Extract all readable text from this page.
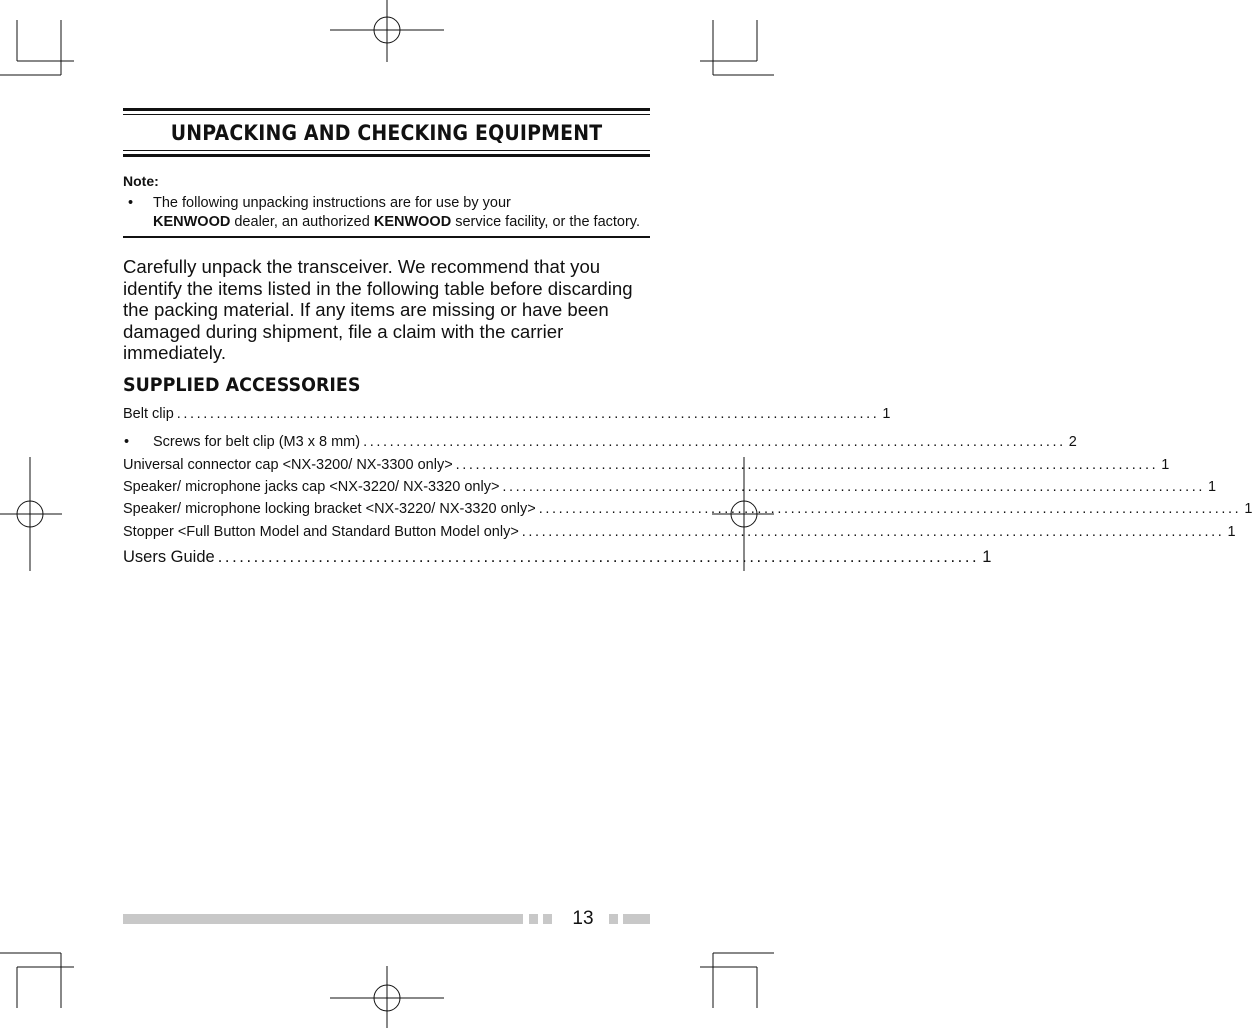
UNPACKING AND CHECKING EQUIPMENT
Note:
• The following unpacking instructions are for use by your
KENWOOD dealer, an authorized KENWOOD service facility, or the factory.
Carefully unpack the transceiver. We recommend that you identify the items listed in the following table before discarding the packing material. If any items are missing or have been damaged during shipment, file a claim with the carrier immediately.
SUPPLIED ACCESSORIES
Belt clip .......................................................................................................... 1
• Screws for belt clip (M3 x 8 mm) .......................................................................................................... 2
Universal connector cap <NX-3200/ NX-3300 only> .......................................................................................................... 1
Speaker/ microphone jacks cap <NX-3220/ NX-3320 only> .......................................................................................................... 1
Speaker/ microphone locking bracket <NX-3220/ NX-3320 only> .......................................................................................................... 1
Stopper <Full Button Model and Standard Button Model only> .......................................................................................................... 1
Users Guide .......................................................................................................... 1
13
